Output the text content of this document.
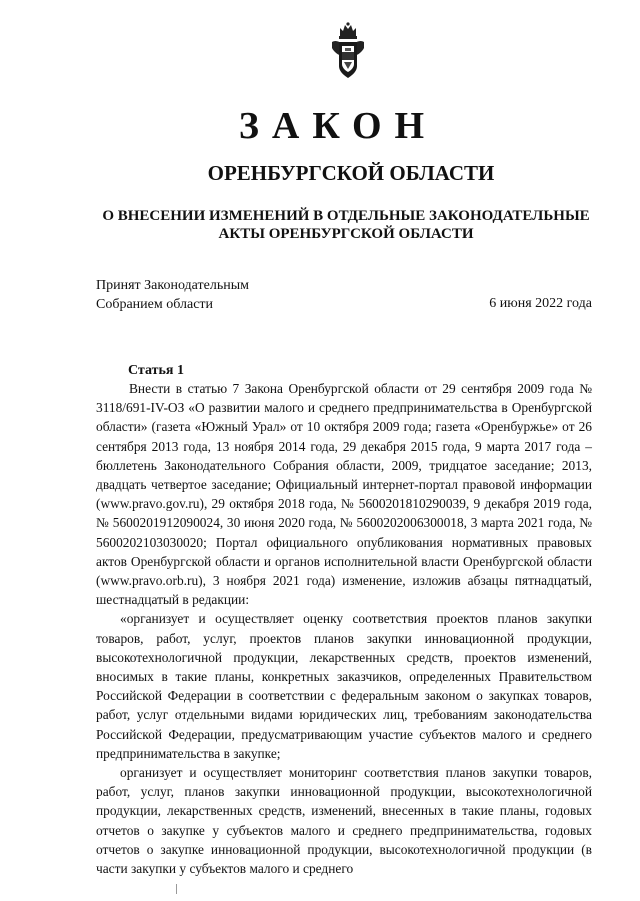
ЗАКОН
ОРЕНБУРГСКОЙ ОБЛАСТИ
О ВНЕСЕНИИ ИЗМЕНЕНИЙ В ОТДЕЛЬНЫЕ ЗАКОНОДАТЕЛЬНЫЕ
АКТЫ ОРЕНБУРГСКОЙ ОБЛАСТИ
Принят Законодательным
Собранием области	6 июня 2022 года
Статья 1

Внести в статью 7 Закона Оренбургской области от 29 сентября 2009 года № 3118/691-IV-ОЗ «О развитии малого и среднего предпринимательства в Оренбургской области» (газета «Южный Урал» от 10 октября 2009 года; газета «Оренбуржье» от 26 сентября 2013 года, 13 ноября 2014 года, 29 декабря 2015 года, 9 марта 2017 года – бюллетень Законодательного Собрания области, 2009, тридцатое заседание; 2013, двадцать четвертое заседание; Официальный интернет-портал правовой информации (www.pravo.gov.ru), 29 октября 2018 года, № 5600201810290039, 9 декабря 2019 года, № 5600201912090024, 30 июня 2020 года, № 5600202006300018, 3 марта 2021 года, № 5600202103030020; Портал официального опубликования нормативных правовых актов Оренбургской области и органов исполнительной власти Оренбургской области (www.pravo.orb.ru), 3 ноября 2021 года) изменение, изложив абзацы пятнадцатый, шестнадцатый в редакции:

«организует и осуществляет оценку соответствия проектов планов закупки товаров, работ, услуг, проектов планов закупки инновационной продукции, высокотехнологичной продукции, лекарственных средств, проектов изменений, вносимых в такие планы, конкретных заказчиков, определенных Правительством Российской Федерации в соответствии с федеральным законом о закупках товаров, работ, услуг отдельными видами юридических лиц, требованиям законодательства Российской Федерации, предусматривающим участие субъектов малого и среднего предпринимательства в закупке;

организует и осуществляет мониторинг соответствия планов закупки товаров, работ, услуг, планов закупки инновационной продукции, высокотехнологичной продукции, лекарственных средств, изменений, внесенных в такие планы, годовых отчетов о закупке у субъектов малого и среднего предпринимательства, годовых отчетов о закупке инновационной продукции, высокотехнологичной продукции (в части закупки у субъектов малого и среднего
